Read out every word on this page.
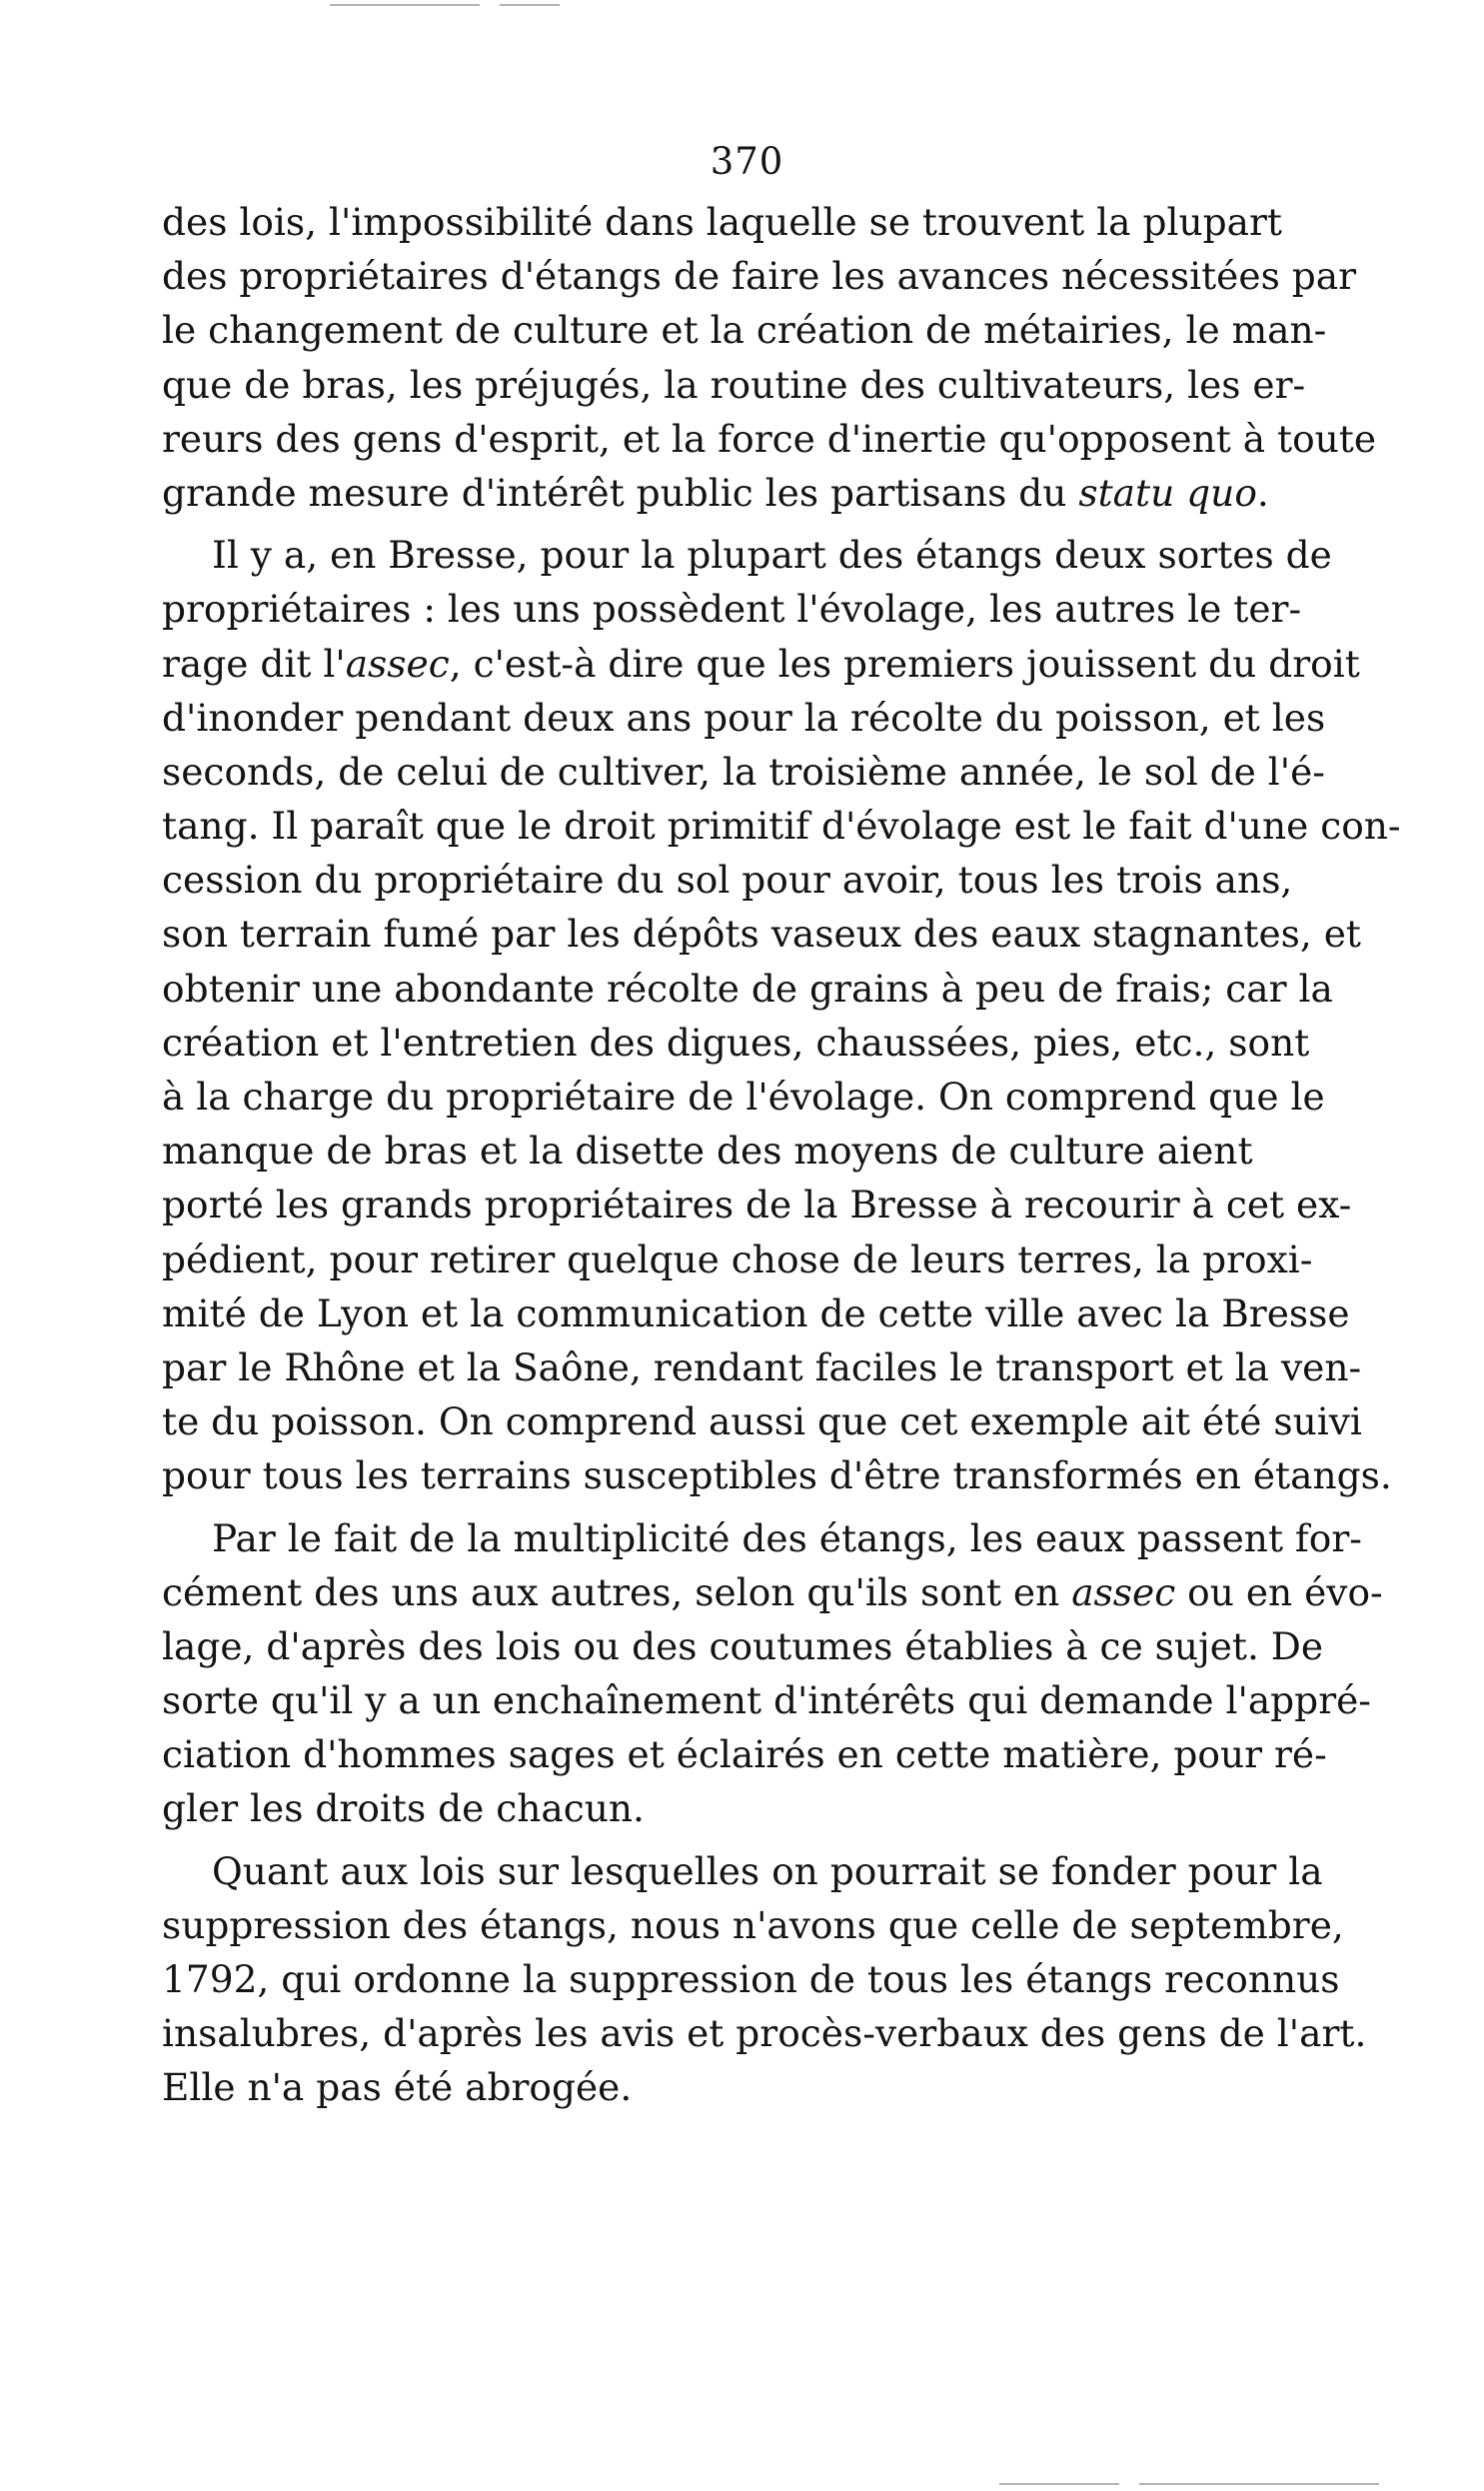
370
des lois, l'impossibilité dans laquelle se trouvent la plupart
des propriétaires d'étangs de faire les avances nécessitées par
le changement de culture et la création de métairies, le man-
que de bras, les préjugés, la routine des cultivateurs, les er-
reurs des gens d'esprit, et la force d'inertie qu'opposent à toute
grande mesure d'intérêt public les partisans du statu quo.
Il y a, en Bresse, pour la plupart des étangs deux sortes de
propriétaires : les uns possèdent l'évolage, les autres le ter-
rage dit l'assec, c'est-à dire que les premiers jouissent du droit
d'inonder pendant deux ans pour la récolte du poisson, et les
seconds, de celui de cultiver, la troisième année, le sol de l'é-
tang. Il paraît que le droit primitif d'évolage est le fait d'une con-
cession du propriétaire du sol pour avoir, tous les trois ans,
son terrain fumé par les dépôts vaseux des eaux stagnantes, et
obtenir une abondante récolte de grains à peu de frais; car la
création et l'entretien des digues, chaussées, pies, etc., sont
à la charge du propriétaire de l'évolage. On comprend que le
manque de bras et la disette des moyens de culture aient
porté les grands propriétaires de la Bresse à recourir à cet ex-
pédient, pour retirer quelque chose de leurs terres, la proxi-
mité de Lyon et la communication de cette ville avec la Bresse
par le Rhône et la Saône, rendant faciles le transport et la ven-
te du poisson. On comprend aussi que cet exemple ait été suivi
pour tous les terrains susceptibles d'être transformés en étangs.
Par le fait de la multiplicité des étangs, les eaux passent for-
cément des uns aux autres, selon qu'ils sont en assec ou en évo-
lage, d'après des lois ou des coutumes établies à ce sujet. De
sorte qu'il y a un enchaînement d'intérêts qui demande l'appré-
ciation d'hommes sages et éclairés en cette matière, pour ré-
gler les droits de chacun.
Quant aux lois sur lesquelles on pourrait se fonder pour la
suppression des étangs, nous n'avons que celle de septembre,
1792, qui ordonne la suppression de tous les étangs reconnus
insalubres, d'après les avis et procès-verbaux des gens de l'art.
Elle n'a pas été abrogée.
